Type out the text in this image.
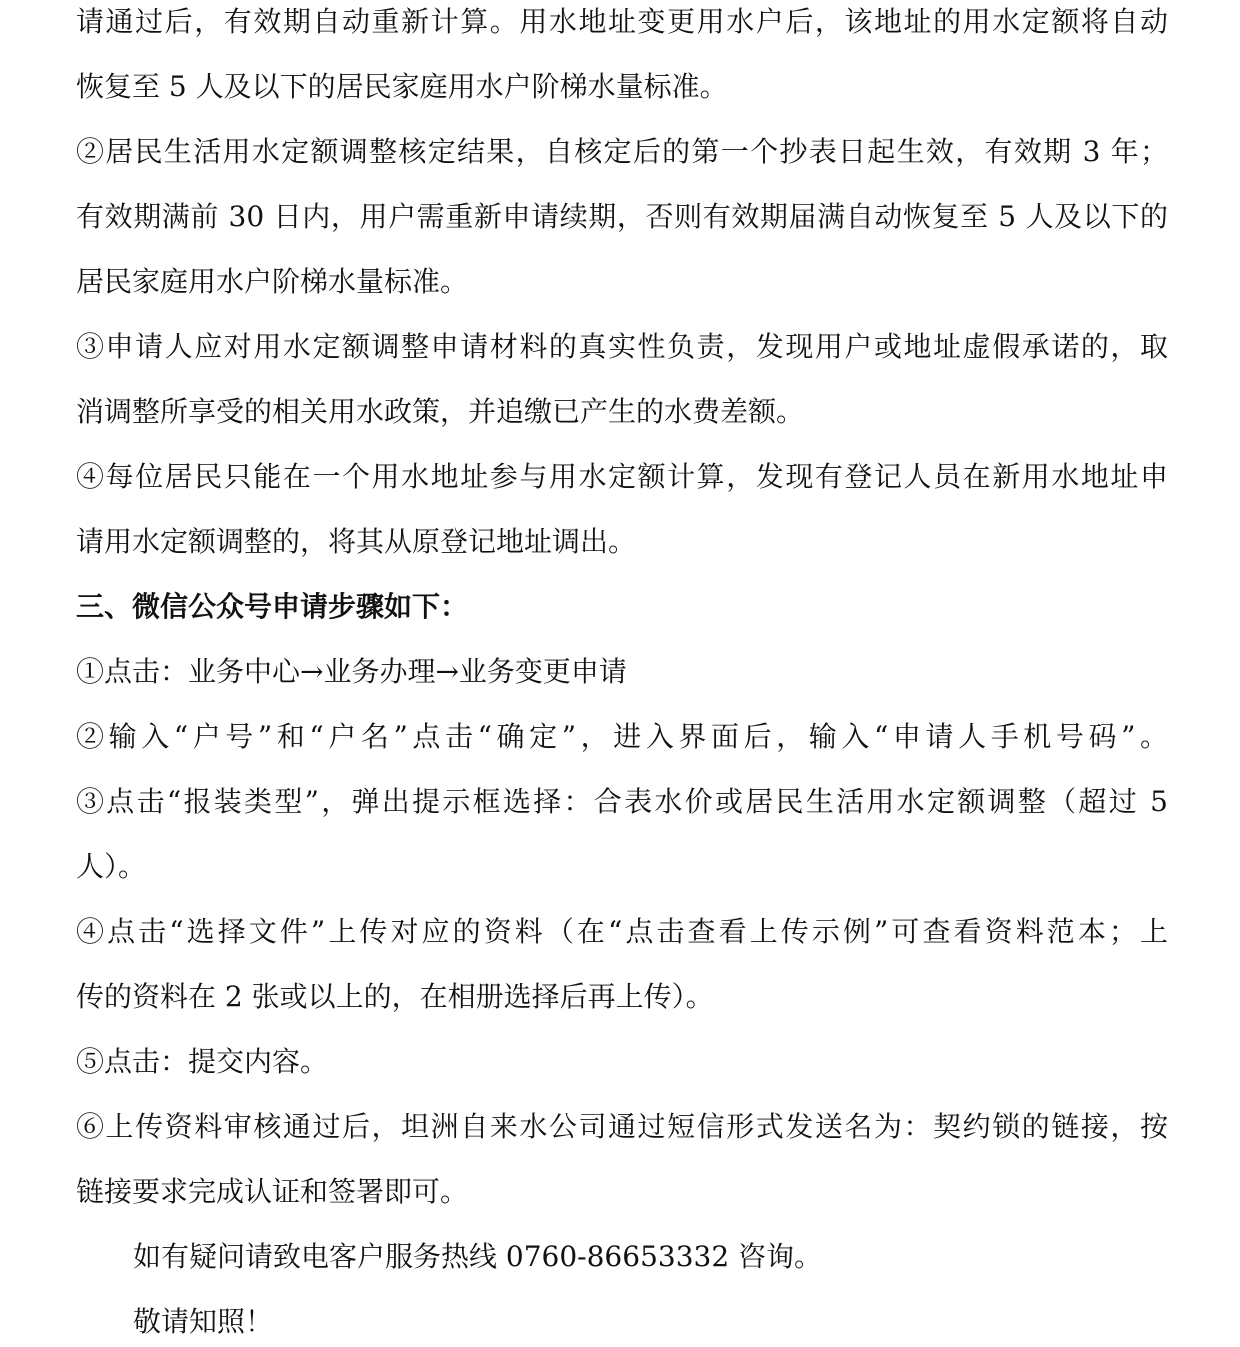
请通过后，有效期自动重新计算。用水地址变更用水户后，该地址的用水定额将自动
恢复至 5 人及以下的居民家庭用水户阶梯水量标准。
②居民生活用水定额调整核定结果，自核定后的第一个抄表日起生效，有效期 3 年；
有效期满前 30 日内，用户需重新申请续期，否则有效期届满自动恢复至 5 人及以下的
居民家庭用水户阶梯水量标准。
③申请人应对用水定额调整申请材料的真实性负责，发现用户或地址虚假承诺的，取
消调整所享受的相关用水政策，并追缴已产生的水费差额。
④每位居民只能在一个用水地址参与用水定额计算，发现有登记人员在新用水地址申
请用水定额调整的，将其从原登记地址调出。
三、微信公众号申请步骤如下：
①点击：业务中心→业务办理→业务变更申请
②输入“户号”和“户名”点击“确定”，进入界面后，输入“申请人手机号码”。
③点击“报装类型”，弹出提示框选择：合表水价或居民生活用水定额调整（超过 5
人）。
④点击“选择文件”上传对应的资料（在“点击查看上传示例”可查看资料范本；上
传的资料在 2 张或以上的，在相册选择后再上传）。
⑤点击：提交内容。
⑥上传资料审核通过后，坦洲自来水公司通过短信形式发送名为：契约锁的链接，按
链接要求完成认证和签署即可。
如有疑问请致电客户服务热线 0760-86653332 咨询。
敬请知照！
